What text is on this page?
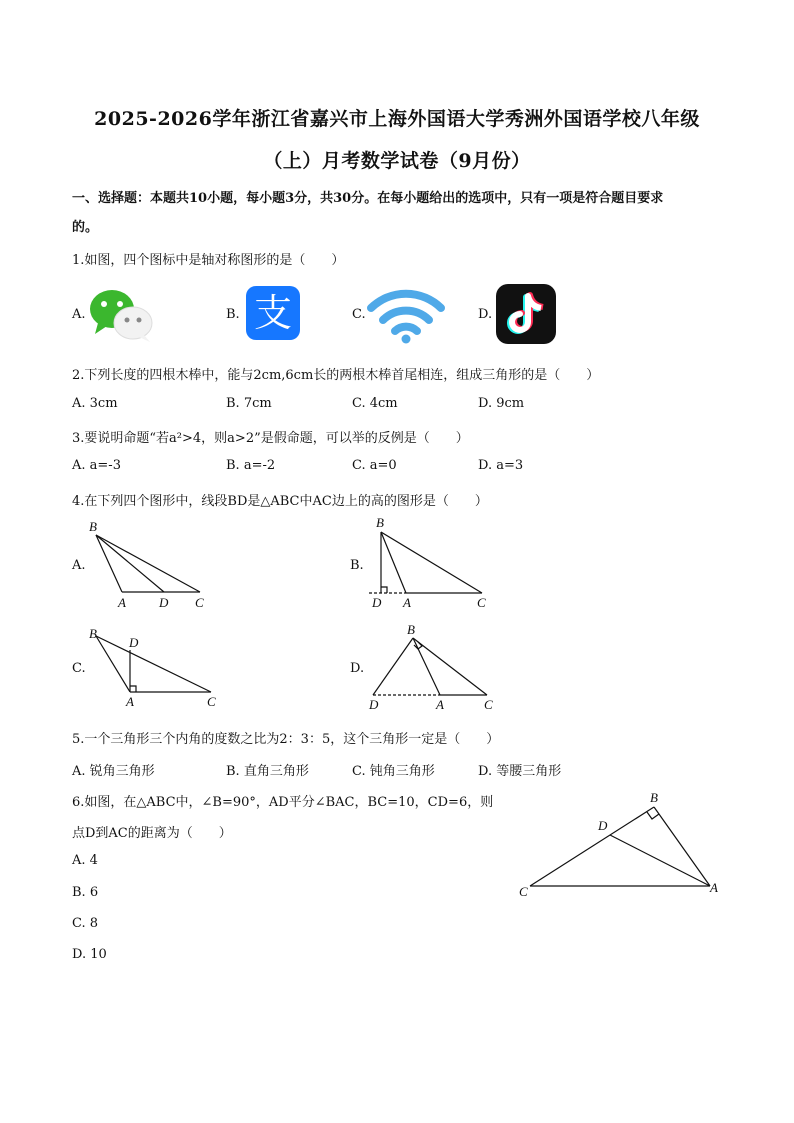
2025-2026学年浙江省嘉兴市上海外国语大学秀洲外国语学校八年级
（上）月考数学试卷（9月份）
一、选择题：本题共10小题，每小题3分，共30分。在每小题给出的选项中，只有一项是符合题目要求
的。
1.如图，四个图标中是轴对称图形的是（　　）
A.	B.	C.	D.
支
2.下列长度的四根木棒中，能与2cm,6cm长的两根木棒首尾相连，组成三角形的是（　　）
A. 3cm	B. 7cm	C. 4cm	D. 9cm
3.要说明命题“若a²>4，则a>2”是假命题，可以举的反例是（　　）
A. a=-3	B. a=-2	C. a=0	D. a=3
4.在下列四个图形中，线段BD是△ABC中AC边上的高的图形是（　　）
A.
B
A	D C
B.
B
D A	C
C.
B
D
A	C
D.
B
D	A	C
5.一个三角形三个内角的度数之比为2：3：5，这个三角形一定是（　　）
A. 锐角三角形	B. 直角三角形	C. 钝角三角形	D. 等腰三角形
6.如图，在△ABC中，∠B=90°，AD平分∠BAC，BC=10，CD=6，则
点D到AC的距离为（　　）
A. 4
B. 6
C. 8
D. 10
B
D
C	A
